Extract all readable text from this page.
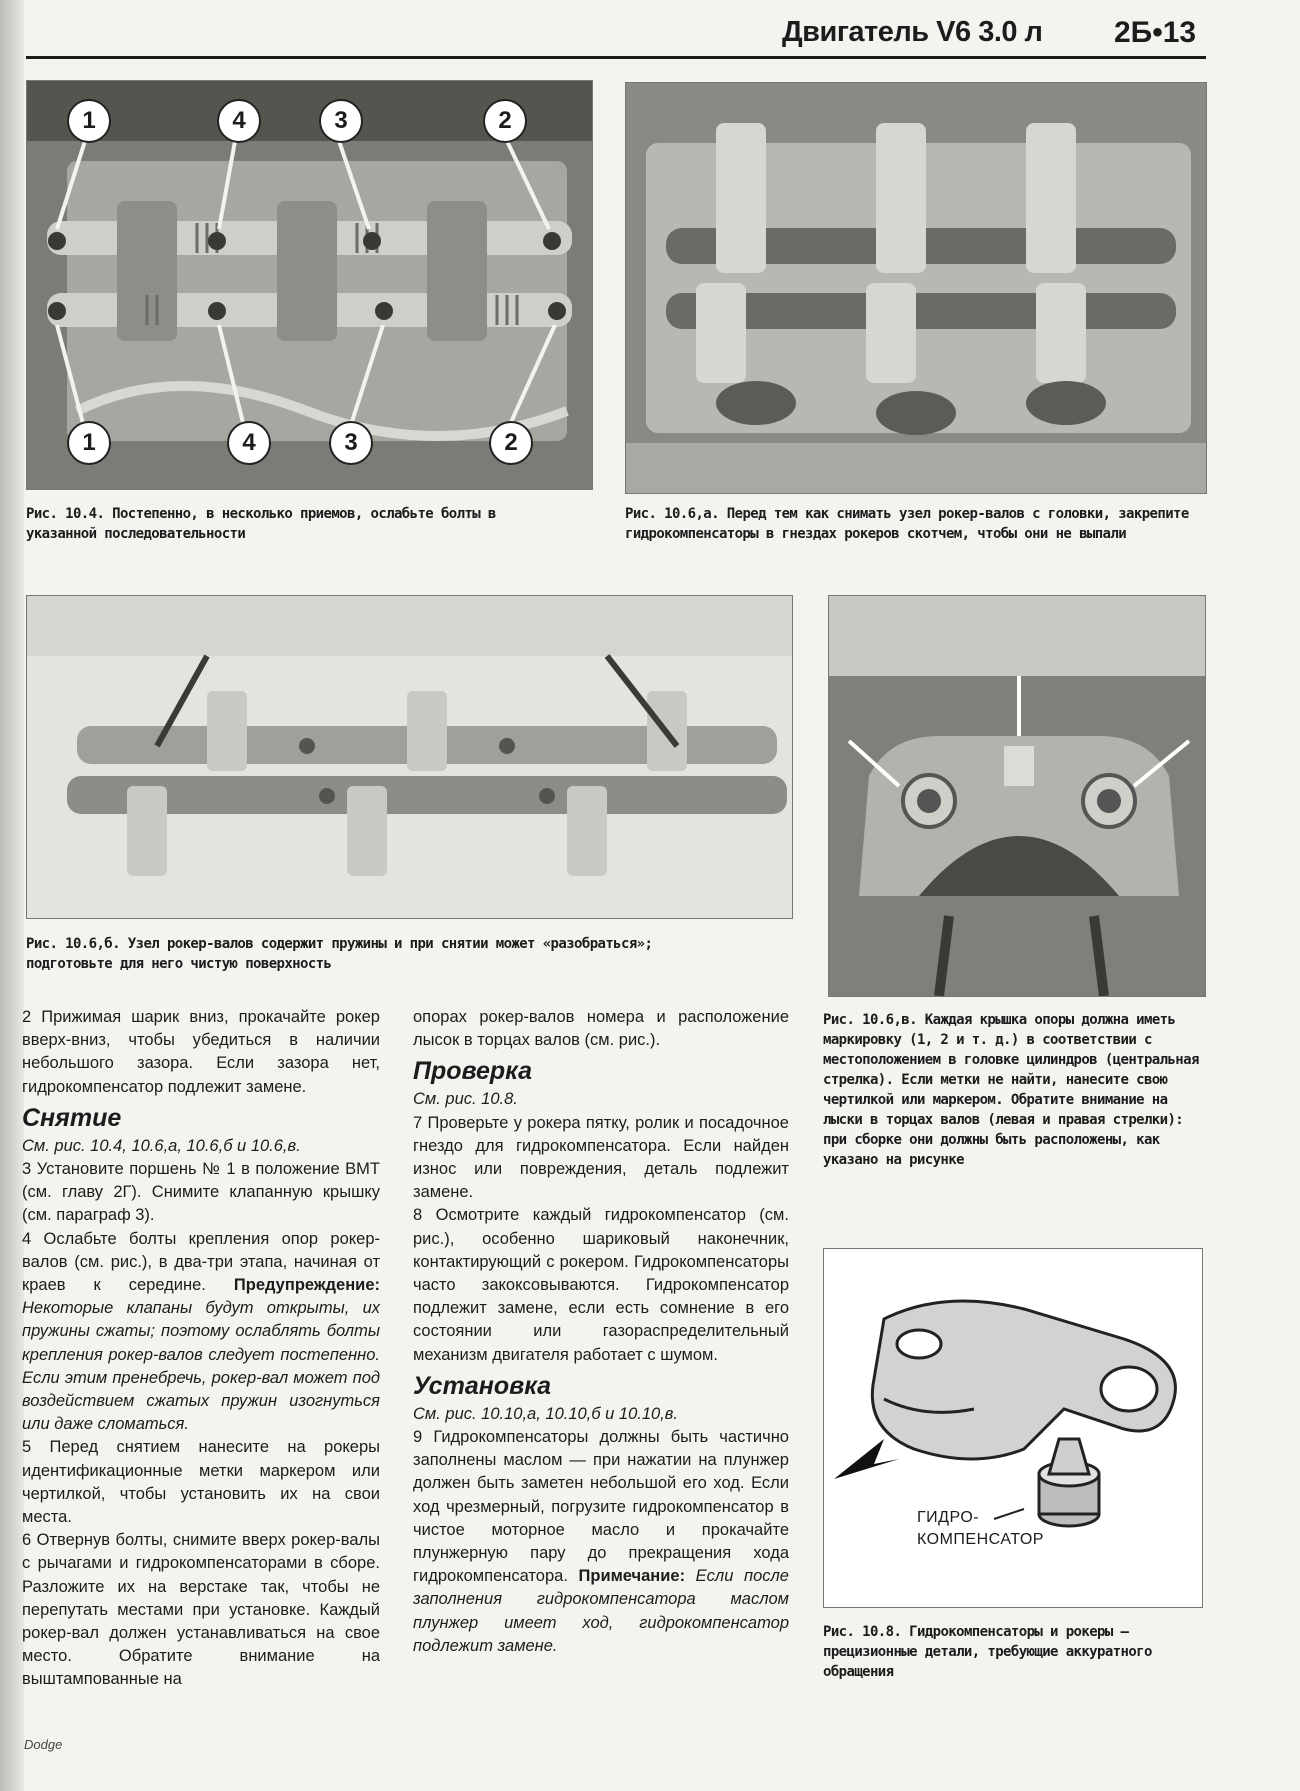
Двигатель V6 3.0 л 2Б•13
1	4	3	2
1	4	3	2
Рис. 10.4. Постепенно, в несколько приемов, ослабьте болты в указанной последовательности
Рис. 10.6,а. Перед тем как снимать узел рокер-валов с головки, закрепите гидрокомпенсаторы в гнездах рокеров скотчем, чтобы они не выпали
Рис. 10.6,б. Узел рокер-валов содержит пружины и при снятии может «разобраться»; подготовьте для него чистую поверхность
Рис. 10.6,в. Каждая крышка опоры должна иметь маркировку (1, 2 и т. д.) в соответствии с местоположением в головке цилиндров (центральная стрелка). Если метки не найти, нанесите свою чертилкой или маркером. Обратите внимание на лыски в торцах валов (левая и правая стрелки): при сборке они должны быть расположены, как указано на рисунке
ГИДРО-
КОМПЕНСАТОР
Рис. 10.8. Гидрокомпенсаторы и рокеры — прецизионные детали, требующие аккуратного обращения

2 Прижимая шарик вниз, прокачайте рокер вверх-вниз, чтобы убедиться в наличии небольшого зазора. Если зазора нет, гидрокомпенсатор подлежит замене.

Снятие

См. рис. 10.4, 10.6,а, 10.6,б и 10.6,в.

3 Установите поршень № 1 в положение ВМТ (см. главу 2Г). Снимите клапанную крышку (см. параграф 3).

4 Ослабьте болты крепления опор рокер-валов (см. рис.), в два-три этапа, начиная от краев к середине. Предупреждение: Некоторые клапаны будут открыты, их пружины сжаты; поэтому ослаблять болты крепления рокер-валов следует постепенно. Если этим пренебречь, рокер-вал может под воздействием сжатых пружин изогнуться или даже сломаться.

5 Перед снятием нанесите на рокеры идентификационные метки маркером или чертилкой, чтобы установить их на свои места.

6 Отвернув болты, снимите вверх рокер-валы с рычагами и гидрокомпенсаторами в сборе. Разложите их на верстаке так, чтобы не перепутать местами при установке. Каждый рокер-вал должен устанавливаться на свое место. Обратите внимание на выштампованные на

опорах рокер-валов номера и расположение лысок в торцах валов (см. рис.).

Проверка

См. рис. 10.8.

7 Проверьте у рокера пятку, ролик и посадочное гнездо для гидрокомпенсатора. Если найден износ или повреждения, деталь подлежит замене.

8 Осмотрите каждый гидрокомпенсатор (см. рис.), особенно шариковый наконечник, контактирующий с рокером. Гидрокомпенсаторы часто закоксовываются. Гидрокомпенсатор подлежит замене, если есть сомнение в его состоянии или газораспределительный механизм двигателя работает с шумом.

Установка

См. рис. 10.10,а, 10.10,б и 10.10,в.

9 Гидрокомпенсаторы должны быть частично заполнены маслом — при нажатии на плунжер должен быть заметен небольшой его ход. Если ход чрезмерный, погрузите гидрокомпенсатор в чистое моторное масло и прокачайте плунжерную пару до прекращения хода гидрокомпенсатора. Примечание: Если после заполнения гидрокомпенсатора маслом плунжер имеет ход, гидрокомпенсатор подлежит замене.

Dodge
